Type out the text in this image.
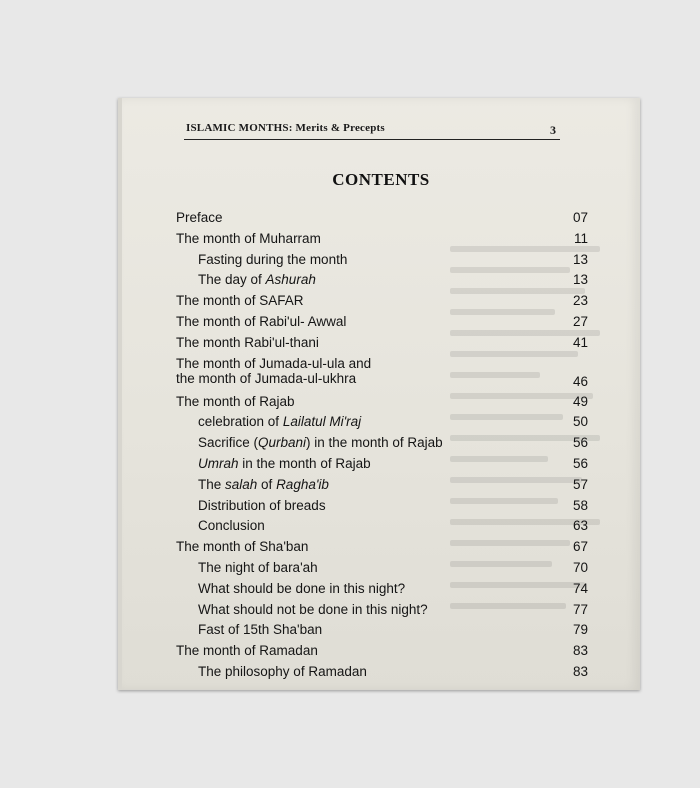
ISLAMIC MONTHS: Merits & Precepts	3
CONTENTS
Preface	07
The month of Muharram	11
Fasting during the month	13
The day of Ashurah	13
The month of SAFAR	23
The month of Rabi'ul- Awwal	27
The month Rabi'ul-thani	41
The month of Jumada-ul-ula and
the month of Jumada-ul-ukhra	46
The month of Rajab	49
celebration of Lailatul Mi'raj	50
Sacrifice (Qurbani) in the month of Rajab	56
Umrah in the month of Rajab	56
The salah of Ragha'ib	57
Distribution of breads	58
Conclusion	63
The month of Sha'ban	67
The night of bara'ah	70
What should be done in this night?	74
What should not be done in this night?	77
Fast of 15th Sha'ban	79
The month of Ramadan	83
The philosophy of Ramadan	83
